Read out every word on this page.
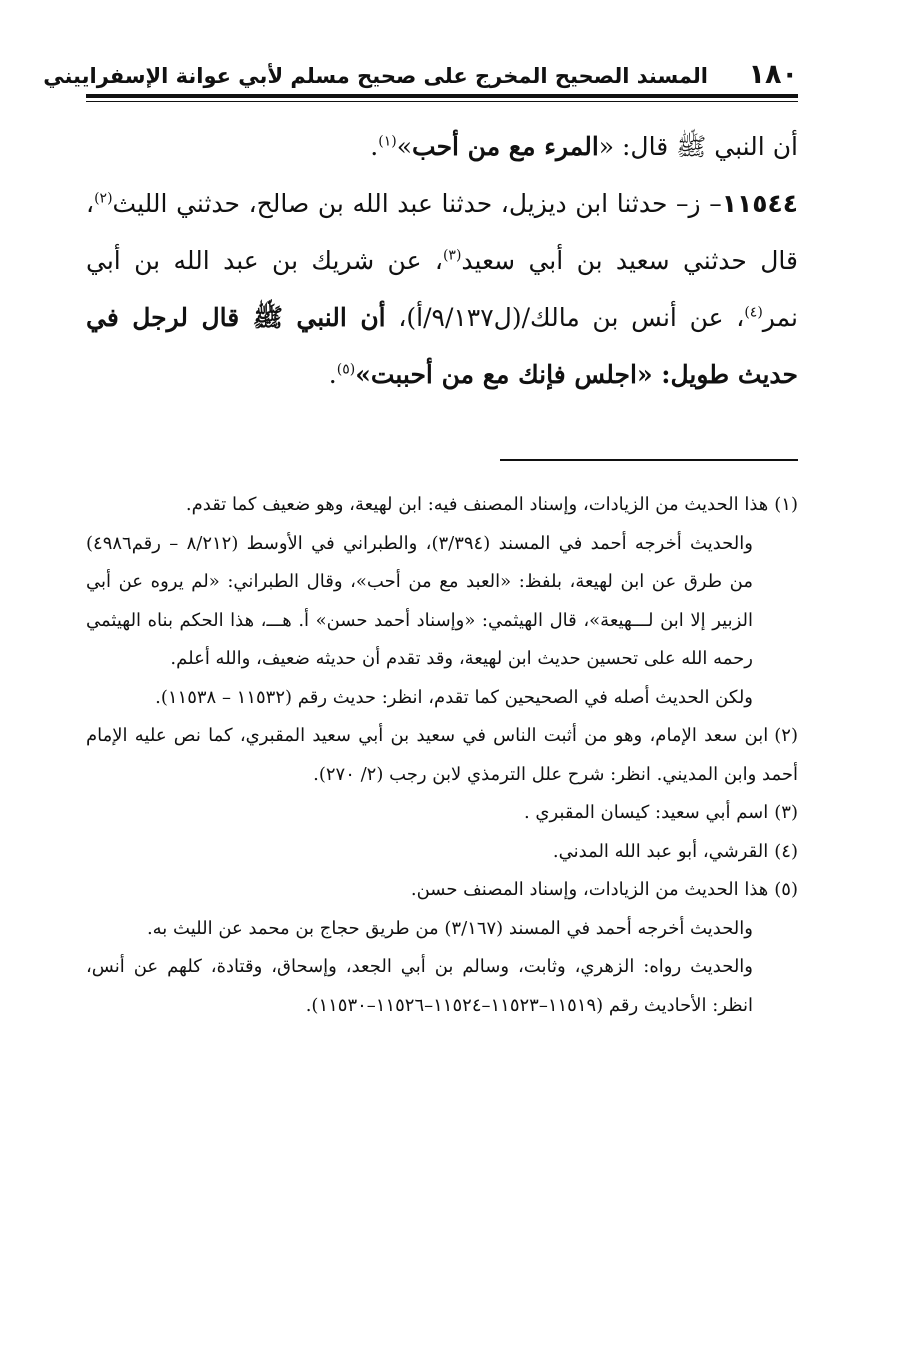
١٨٠
المسند الصحيح المخرج على صحيح مسلم لأبي عوانة الإسفراييني

أن النبي ﷺ قال: «المرء مع من أحب»$^{(١)}$.

١١٥٤٤– ز– حدثنا ابن ديزيل، حدثنا عبد الله بن صالح، حدثني الليث$^{(٢)}$، قال حدثني سعيد بن أبي سعيد$^{(٣)}$، عن شريك بن عبد الله بن أبي نمر$^{(٤)}$، عن أنس بن مالك/(ل٩/١٣٧/أ)، أن النبي ﷺ قال لرجل في حديث طويل: «اجلس فإنك مع من أحببت»$^{(٥)}$.

(١)هذا الحديث من الزيادات، وإسناد المصنف فيه: ابن لهيعة، وهو ضعيف كما تقدم.

والحديث أخرجه أحمد في المسند (٣/٣٩٤)، والطبراني في الأوسط (٨/٢١٢ – رقم٤٩٨٦) من طرق عن ابن لهيعة، بلفظ: «العبد مع من أحب»، وقال الطبراني: «لم يروه عن أبي الزبير إلا ابن لـــهيعة»، قال الهيثمي: «وإسناد أحمد حسن» أ. هـــ، هذا الحكم بناه الهيثمي رحمه الله على تحسين حديث ابن لهيعة، وقد تقدم أن حديثه ضعيف، والله أعلم.

ولكن الحديث أصله في الصحيحين كما تقدم، انظر: حديث رقم (١١٥٣٢ – ١١٥٣٨).

(٢)ابن سعد الإمام، وهو من أثبت الناس في سعيد بن أبي سعيد المقبري، كما نص عليه الإمام أحمد وابن المديني. انظر: شرح علل الترمذي لابن رجب (٢/ ٢٧٠).

(٣)اسم أبي سعيد: كيسان المقبري .

(٤)القرشي، أبو عبد الله المدني.

(٥)هذا الحديث من الزيادات، وإسناد المصنف حسن.

والحديث أخرجه أحمد في المسند (٣/١٦٧) من طريق حجاج بن محمد عن الليث به.

والحديث رواه: الزهري، وثابت، وسالم بن أبي الجعد، وإسحاق، وقتادة، كلهم عن أنس، انظر: الأحاديث رقم (١١٥١٩–١١٥٢٣–١١٥٢٤–١١٥٢٦–١١٥٣٠).
